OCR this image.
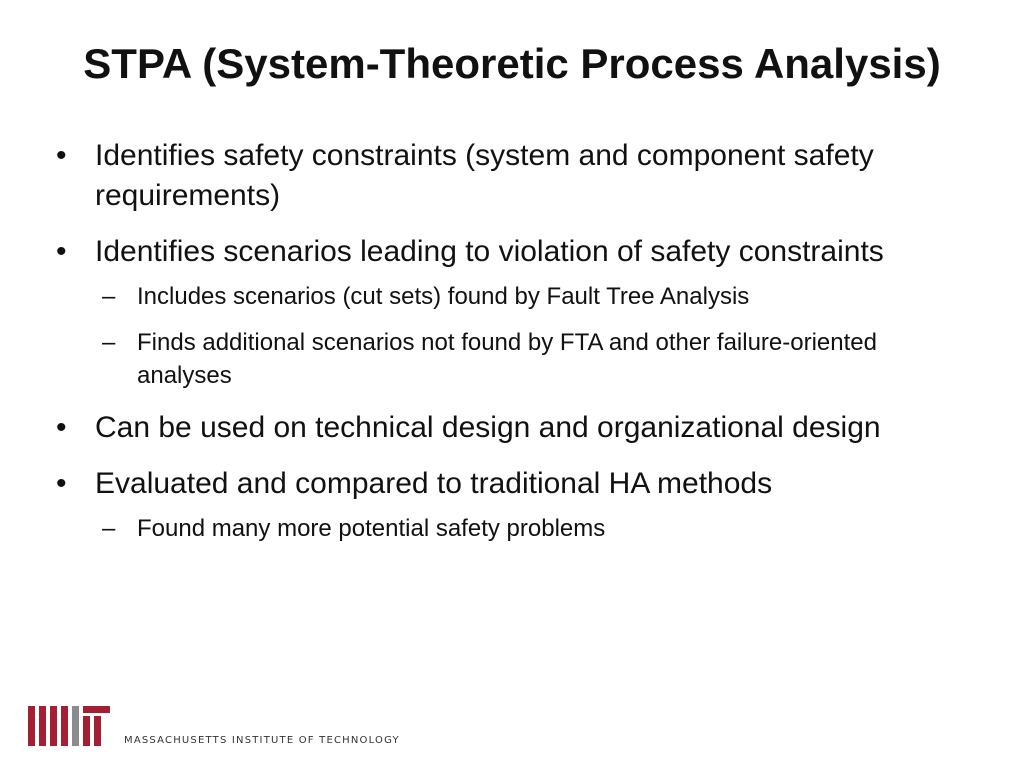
STPA (System-Theoretic Process Analysis)
• Identifies safety constraints (system and component safety requirements)
• Identifies scenarios leading to violation of safety constraints
– Includes scenarios (cut sets) found by Fault Tree Analysis
– Finds additional scenarios not found by FTA and other failure-oriented analyses
• Can be used on technical design and organizational design
• Evaluated and compared to traditional HA methods
– Found many more potential safety problems
MASSACHUSETTS INSTITUTE OF TECHNOLOGY
